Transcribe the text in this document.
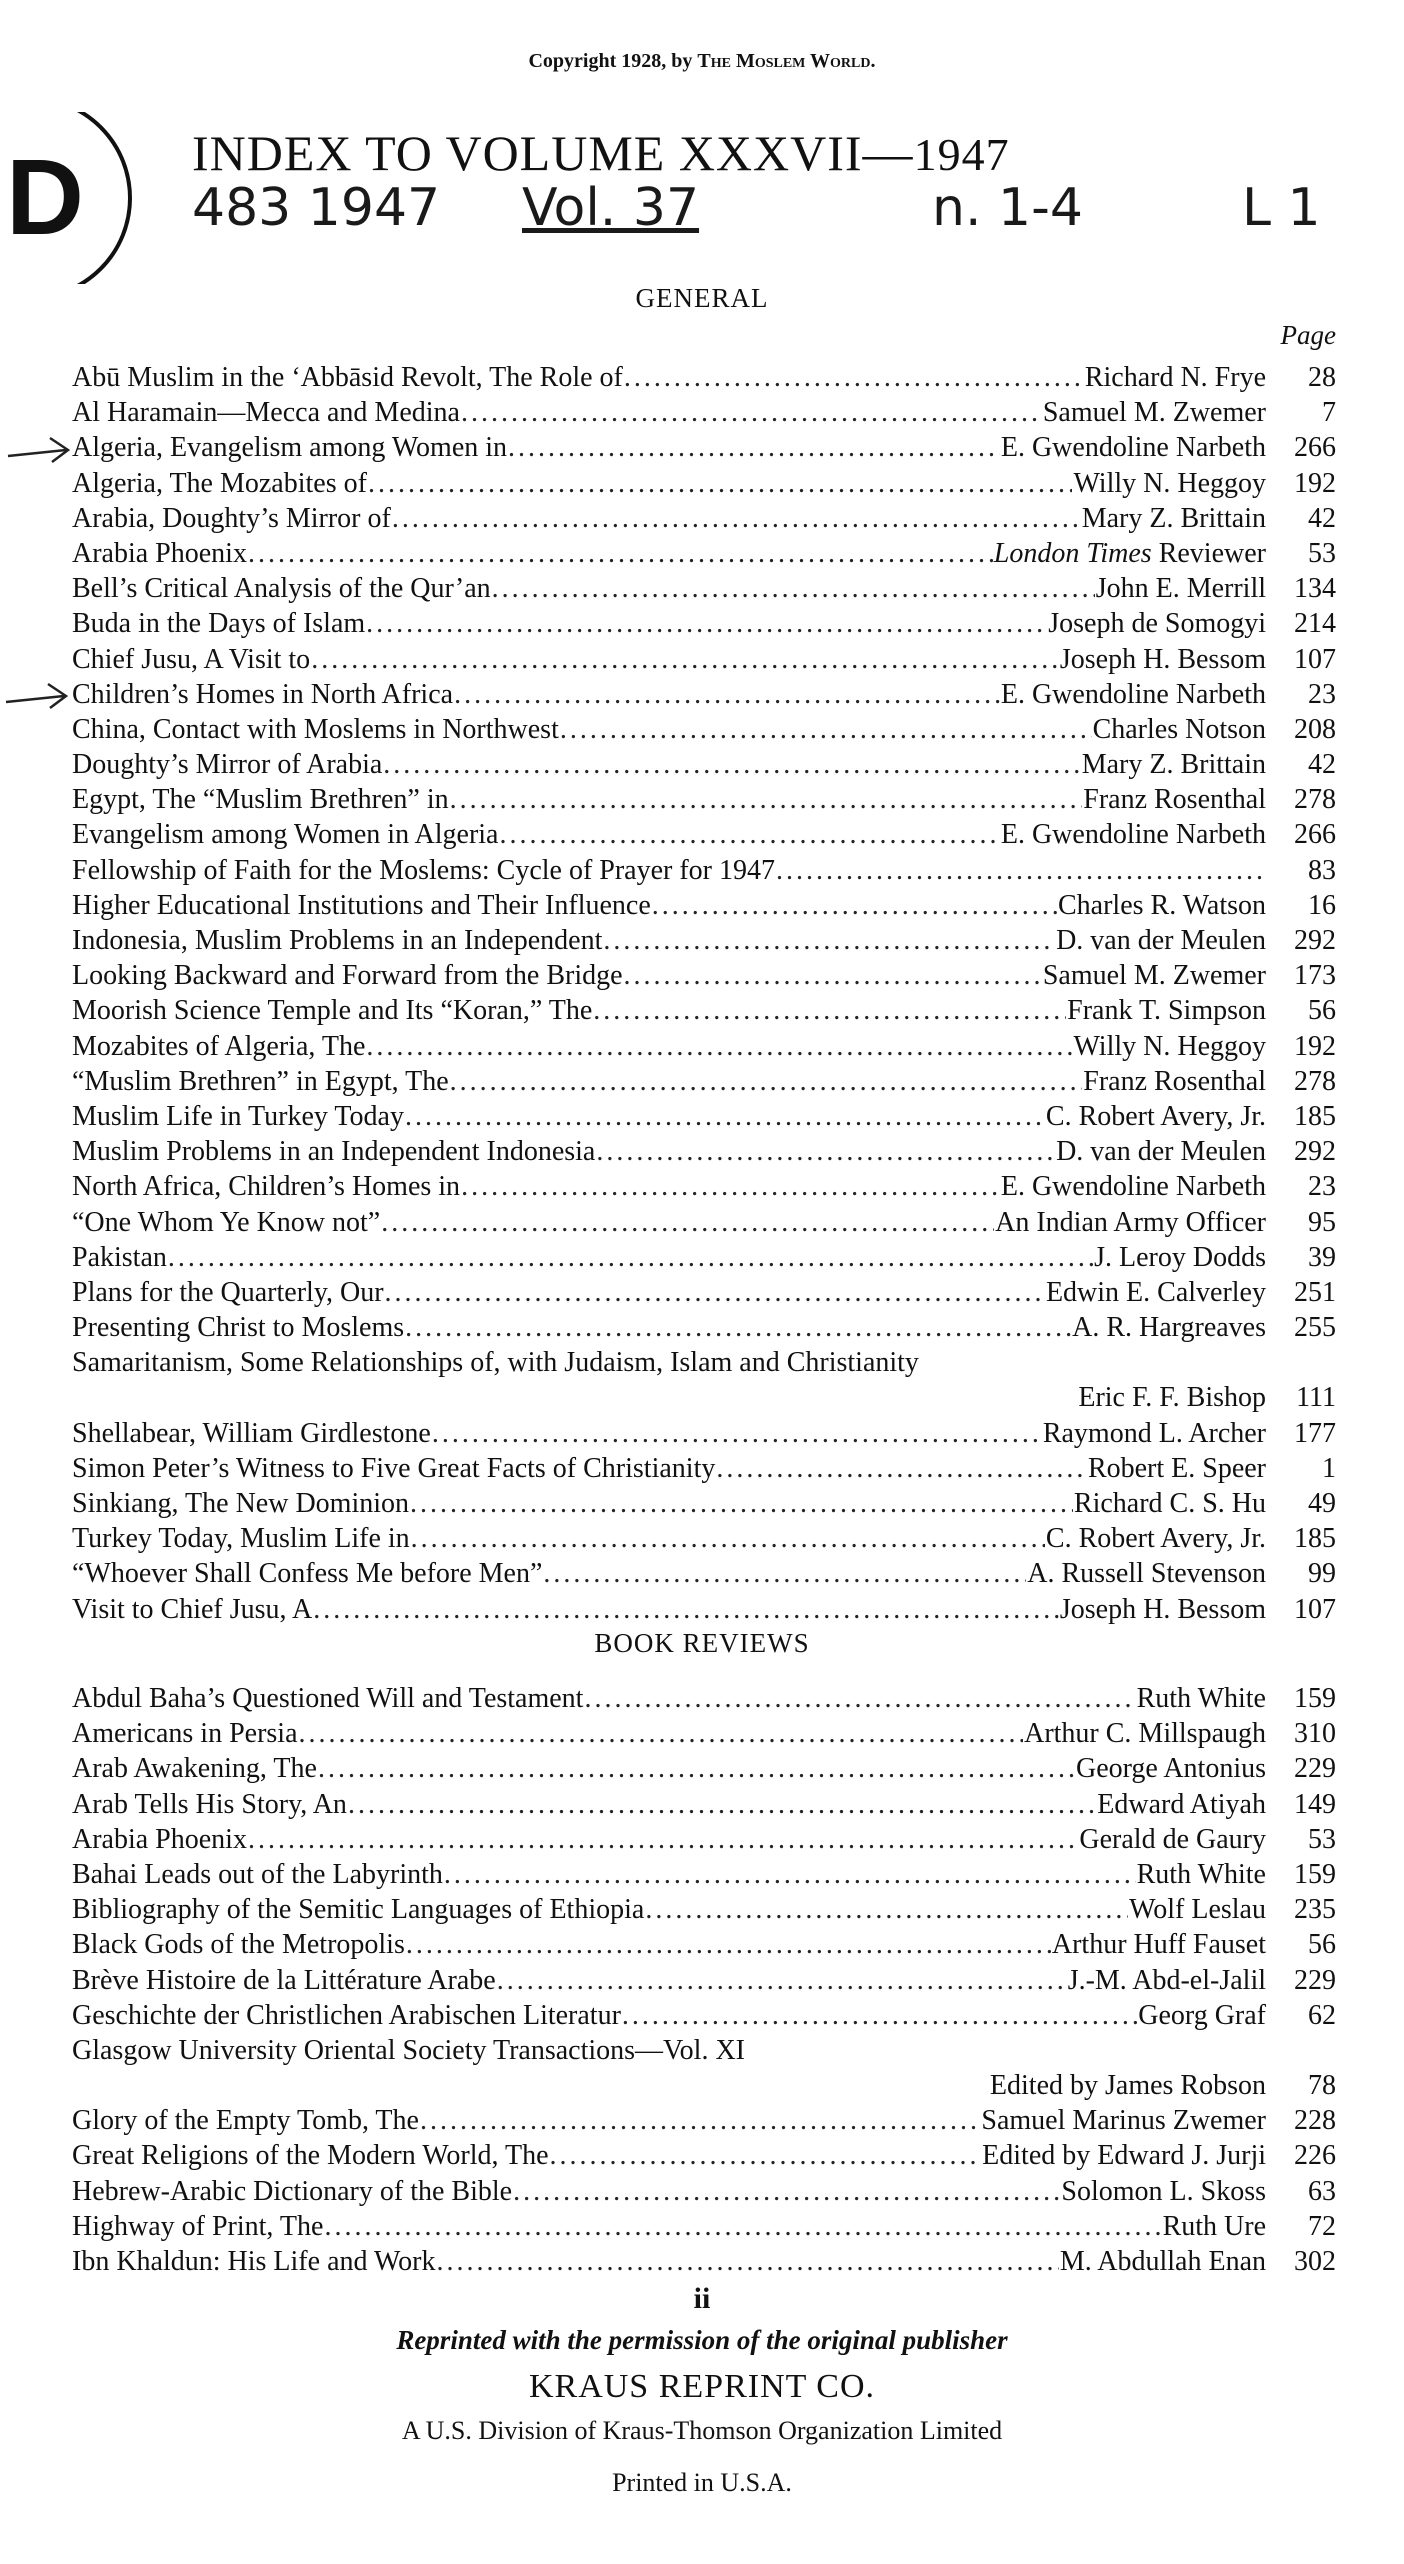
Copyright 1928, by The Moslem World.
D INDEX TO VOLUME XXXVII—1947
483 1947 Vol. 37	n. 1-4	L 1
GENERAL
Page
Abū Muslim in the ‘Abbāsid Revolt, The Role of .....	Richard N. Frye	28
Al Haramain—Mecca and Medina .....	Samuel M. Zwemer	7
Algeria, Evangelism among Women in .....	E. Gwendoline Narbeth	266
Algeria, The Mozabites of .....	Willy N. Heggoy	192
Arabia, Doughty’s Mirror of .....	Mary Z. Brittain	42
Arabia Phoenix .....	London Times Reviewer	53
Bell’s Critical Analysis of the Qur’an .....	John E. Merrill	134
Buda in the Days of Islam .....	Joseph de Somogyi	214
Chief Jusu, A Visit to .....	Joseph H. Bessom	107
Children’s Homes in North Africa .....	E. Gwendoline Narbeth	23
China, Contact with Moslems in Northwest .....	Charles Notson	208
Doughty’s Mirror of Arabia .....	Mary Z. Brittain	42
Egypt, The “Muslim Brethren” in .....	Franz Rosenthal	278
Evangelism among Women in Algeria .....	E. Gwendoline Narbeth	266
Fellowship of Faith for the Moslems: Cycle of Prayer for 1947 .....	83
Higher Educational Institutions and Their Influence .....	Charles R. Watson	16
Indonesia, Muslim Problems in an Independent .....	D. van der Meulen	292
Looking Backward and Forward from the Bridge .....	Samuel M. Zwemer	173
Moorish Science Temple and Its “Koran,” The .....	Frank T. Simpson	56
Mozabites of Algeria, The .....	Willy N. Heggoy	192
“Muslim Brethren” in Egypt, The .....	Franz Rosenthal	278
Muslim Life in Turkey Today .....	C. Robert Avery, Jr.	185
Muslim Problems in an Independent Indonesia .....	D. van der Meulen	292
North Africa, Children’s Homes in .....	E. Gwendoline Narbeth	23
“One Whom Ye Know not” .....	An Indian Army Officer	95
Pakistan .....	J. Leroy Dodds	39
Plans for the Quarterly, Our .....	Edwin E. Calverley	251
Presenting Christ to Moslems .....	A. R. Hargreaves	255
Samaritanism, Some Relationships of, with Judaism, Islam and Christianity
Eric F. F. Bishop	111
Shellabear, William Girdlestone .....	Raymond L. Archer	177
Simon Peter’s Witness to Five Great Facts of Christianity .....	Robert E. Speer	1
Sinkiang, The New Dominion .....	Richard C. S. Hu	49
Turkey Today, Muslim Life in .....	C. Robert Avery, Jr.	185
“Whoever Shall Confess Me before Men” .....	A. Russell Stevenson	99
Visit to Chief Jusu, A .....	Joseph H. Bessom	107
BOOK REVIEWS
Abdul Baha’s Questioned Will and Testament .....	Ruth White	159
Americans in Persia .....	Arthur C. Millspaugh	310
Arab Awakening, The .....	George Antonius	229
Arab Tells His Story, An .....	Edward Atiyah	149
Arabia Phoenix .....	Gerald de Gaury	53
Bahai Leads out of the Labyrinth .....	Ruth White	159
Bibliography of the Semitic Languages of Ethiopia .....	Wolf Leslau	235
Black Gods of the Metropolis .....	Arthur Huff Fauset	56
Brève Histoire de la Littérature Arabe .....	J.-M. Abd-el-Jalil	229
Geschichte der Christlichen Arabischen Literatur .....	Georg Graf	62
Glasgow University Oriental Society Transactions—Vol. XI
Edited by James Robson	78
Glory of the Empty Tomb, The .....	Samuel Marinus Zwemer	228
Great Religions of the Modern World, The .....	Edited by Edward J. Jurji	226
Hebrew-Arabic Dictionary of the Bible .....	Solomon L. Skoss	63
Highway of Print, The .....	Ruth Ure	72
Ibn Khaldun: His Life and Work .....	M. Abdullah Enan	302
ii
Reprinted with the permission of the original publisher
KRAUS REPRINT CO.
A U.S. Division of Kraus-Thomson Organization Limited
Printed in U.S.A.
